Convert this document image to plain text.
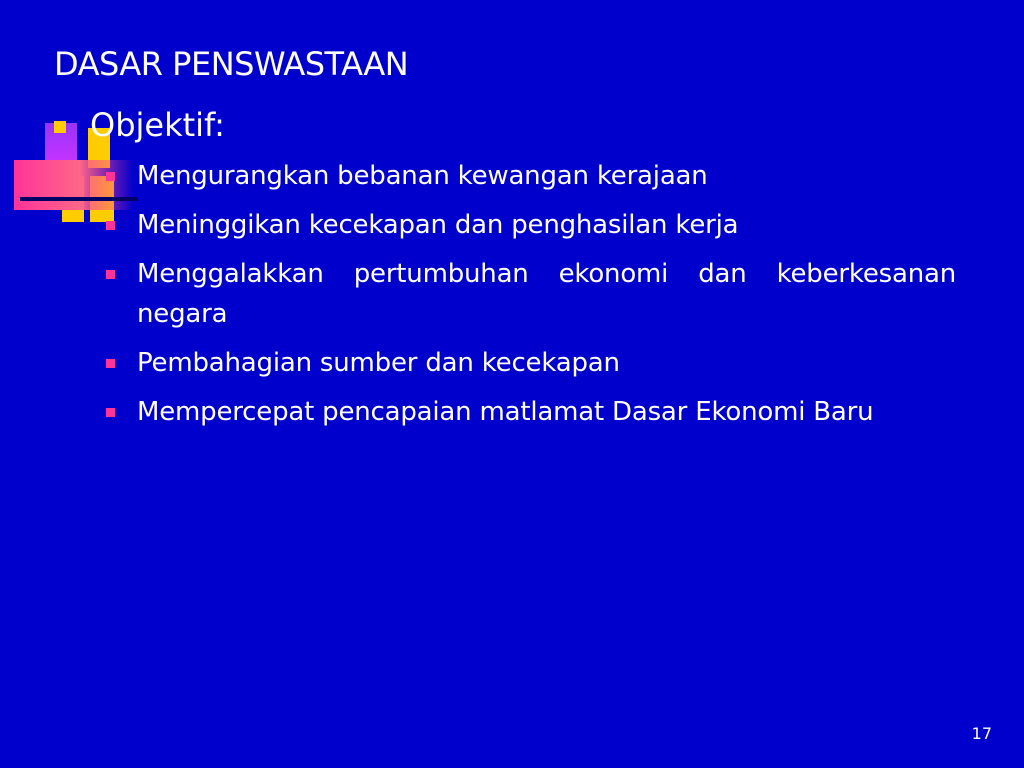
DASAR PENSWASTAAN
Objektif:
Mengurangkan bebanan kewangan kerajaan
Meninggikan kecekapan dan penghasilan kerja
Menggalakkan pertumbuhan ekonomi dan keberkesanan negara
Pembahagian sumber dan kecekapan
Mempercepat pencapaian matlamat Dasar Ekonomi Baru
17
